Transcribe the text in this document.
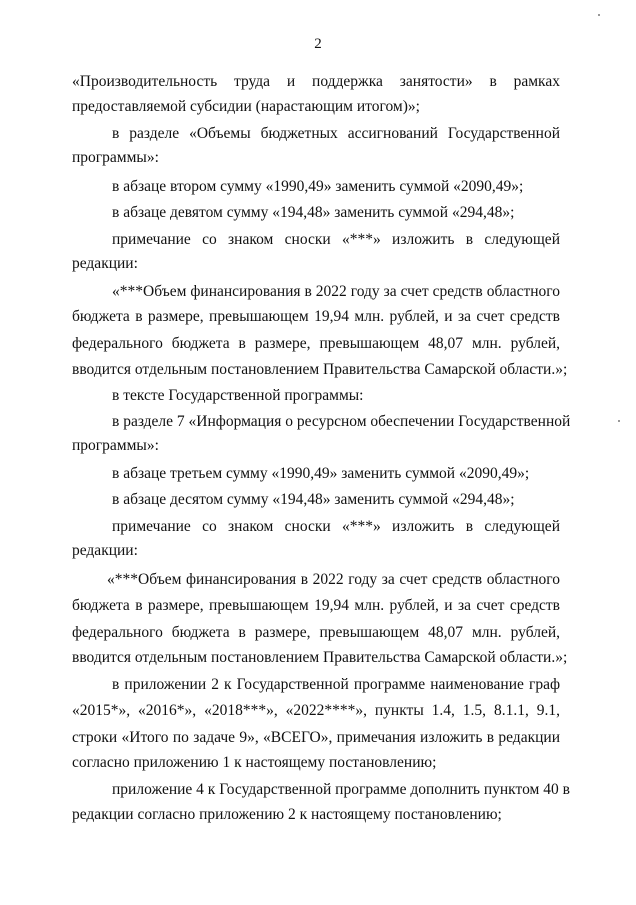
2
«Производительность труда и поддержка занятости» в рамках
предоставляемой субсидии (нарастающим итогом)»;
в разделе «Объемы бюджетных ассигнований Государственной
программы»:
в абзаце втором сумму «1990,49» заменить суммой «2090,49»;
в абзаце девятом сумму «194,48» заменить суммой «294,48»;
примечание со знаком сноски «***» изложить в следующей
редакции:
«***Объем финансирования в 2022 году за счет средств областного
бюджета в размере, превышающем 19,94 млн. рублей, и за счет средств
федерального бюджета в размере, превышающем 48,07 млн. рублей,
вводится отдельным постановлением Правительства Самарской области.»;
в тексте Государственной программы:
в разделе 7 «Информация о ресурсном обеспечении Государственной
программы»:
в абзаце третьем сумму «1990,49» заменить суммой «2090,49»;
в абзаце десятом сумму «194,48» заменить суммой «294,48»;
примечание со знаком сноски «***» изложить в следующей
редакции:
«***Объем финансирования в 2022 году за счет средств областного
бюджета в размере, превышающем 19,94 млн. рублей, и за счет средств
федерального бюджета в размере, превышающем 48,07 млн. рублей,
вводится отдельным постановлением Правительства Самарской области.»;
в приложении 2 к Государственной программе наименование граф
«2015*», «2016*», «2018***», «2022****», пункты 1.4, 1.5, 8.1.1, 9.1,
строки «Итого по задаче 9», «ВСЕГО», примечания изложить в редакции
согласно приложению 1 к настоящему постановлению;
приложение 4 к Государственной программе дополнить пунктом 40 в
редакции согласно приложению 2 к настоящему постановлению;
